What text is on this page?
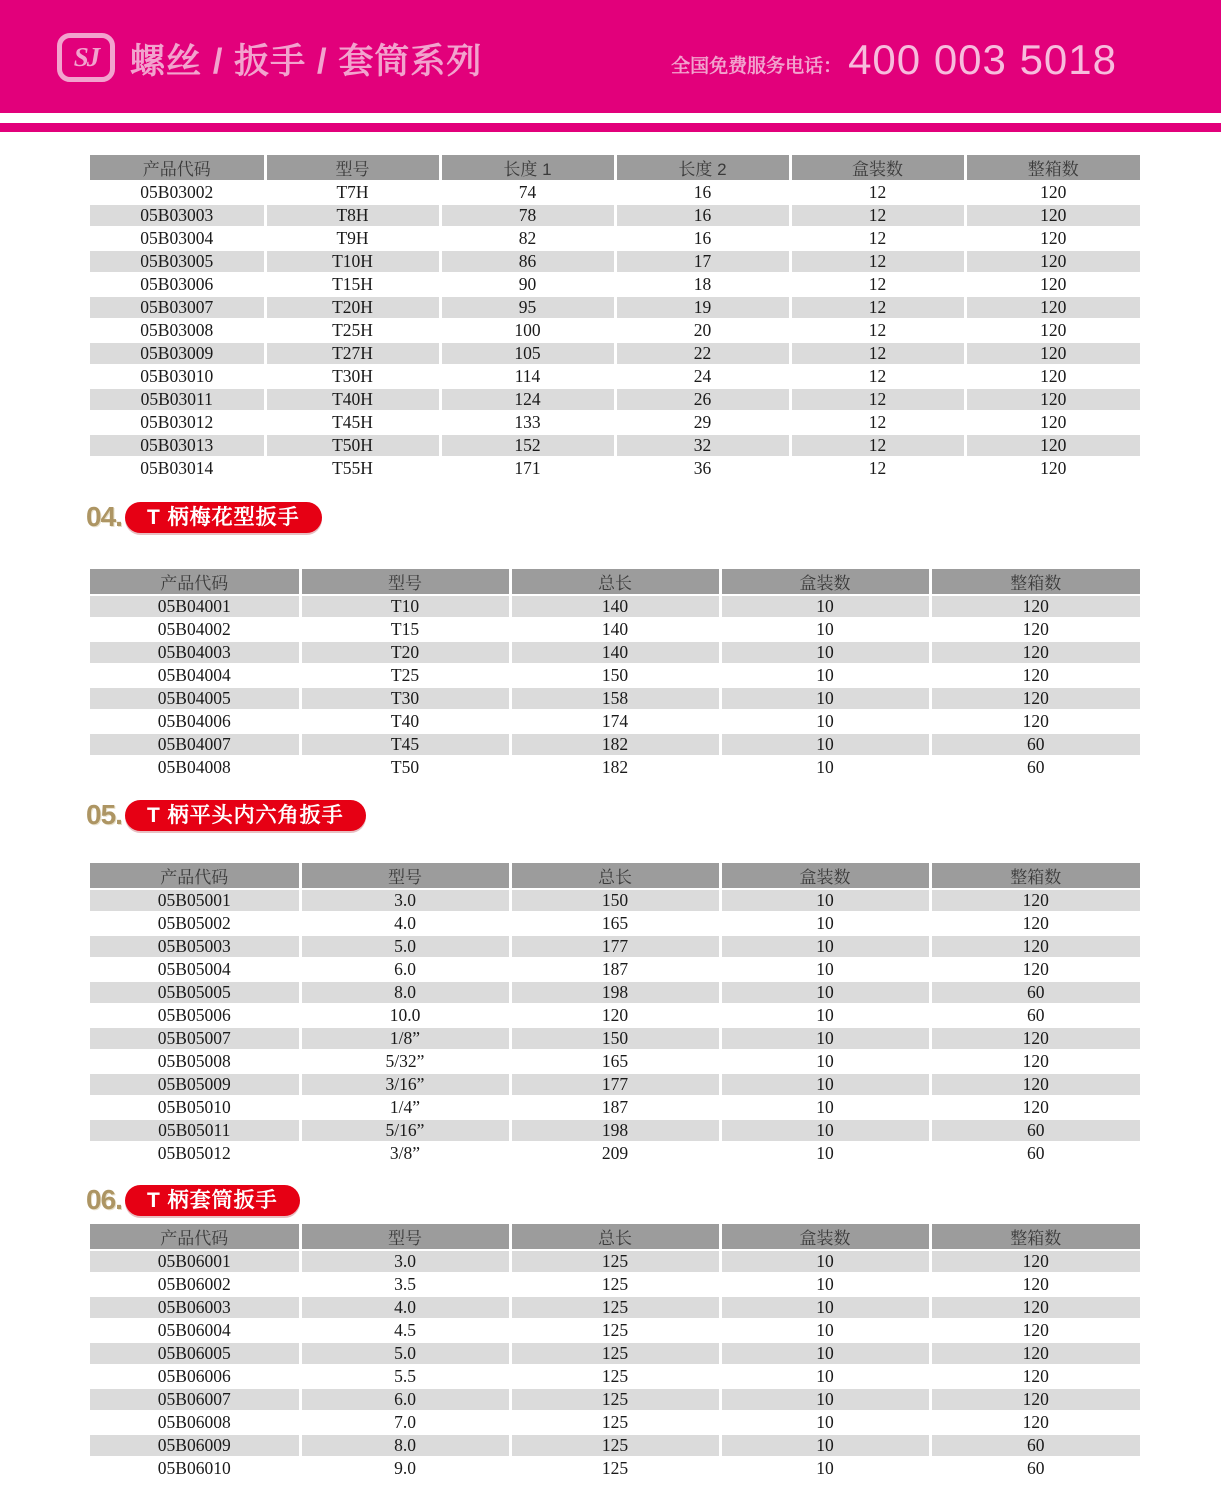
SJ 螺丝 / 扳手 / 套筒系列	全国免费服务电话： 400 003 5018
产品代码	型号	长度 1	长度 2	盒装数	整箱数
05B03002	T7H	74	16	12	120
05B03003	T8H	78	16	12	120
05B03004	T9H	82	16	12	120
05B03005	T10H	86	17	12	120
05B03006	T15H	90	18	12	120
05B03007	T20H	95	19	12	120
05B03008	T25H	100	20	12	120
05B03009	T27H	105	22	12	120
05B03010	T30H	114	24	12	120
05B03011	T40H	124	26	12	120
05B03012	T45H	133	29	12	120
05B03013	T50H	152	32	12	120
05B03014	T55H	171	36	12	120
04.	T 柄梅花型扳手
产品代码	型号	总长	盒装数	整箱数
05B04001	T10	140	10	120
05B04002	T15	140	10	120
05B04003	T20	140	10	120
05B04004	T25	150	10	120
05B04005	T30	158	10	120
05B04006	T40	174	10	120
05B04007	T45	182	10	60
05B04008	T50	182	10	60
05.	T 柄平头内六角扳手
产品代码	型号	总长	盒装数	整箱数
05B05001	3.0	150	10	120
05B05002	4.0	165	10	120
05B05003	5.0	177	10	120
05B05004	6.0	187	10	120
05B05005	8.0	198	10	60
05B05006	10.0	120	10	60
05B05007	1/8”	150	10	120
05B05008	5/32”	165	10	120
05B05009	3/16”	177	10	120
05B05010	1/4”	187	10	120
05B05011	5/16”	198	10	60
05B05012	3/8”	209	10	60
06.	T 柄套筒扳手
产品代码	型号	总长	盒装数	整箱数
05B06001	3.0	125	10	120
05B06002	3.5	125	10	120
05B06003	4.0	125	10	120
05B06004	4.5	125	10	120
05B06005	5.0	125	10	120
05B06006	5.5	125	10	120
05B06007	6.0	125	10	120
05B06008	7.0	125	10	120
05B06009	8.0	125	10	60
05B06010	9.0	125	10	60
